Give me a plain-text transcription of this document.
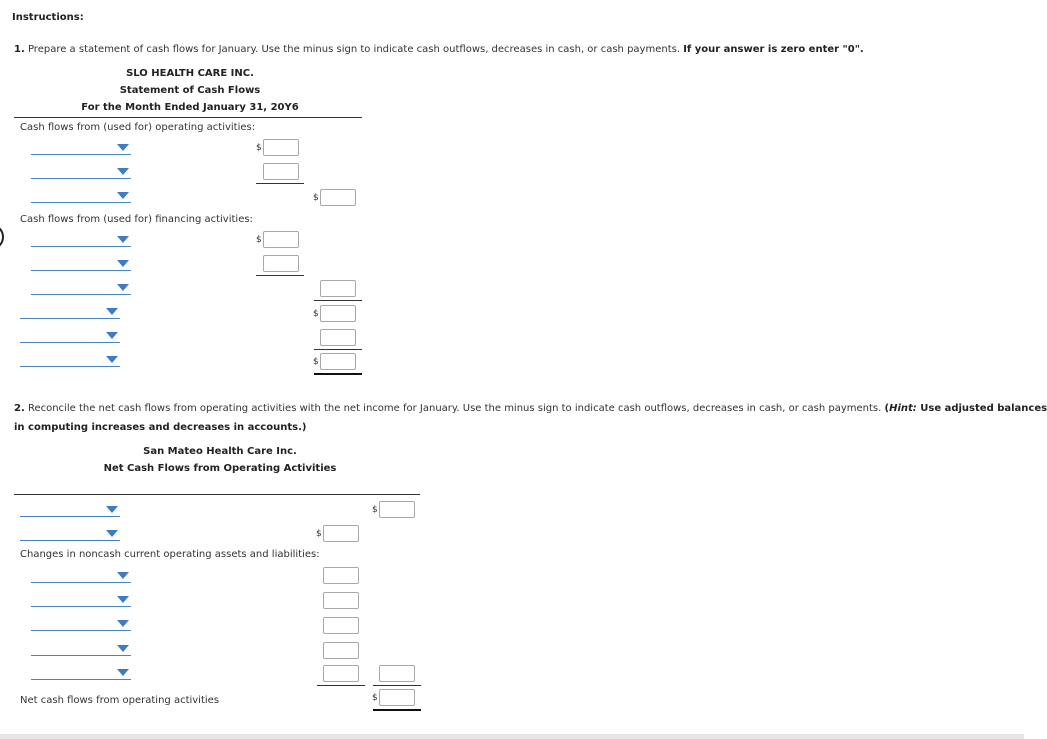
Instructions:
1. Prepare a statement of cash flows for January. Use the minus sign to indicate cash outflows, decreases in cash, or cash payments. If your answer is zero enter "0".
SLO HEALTH CARE INC.
Statement of Cash Flows
For the Month Ended January 31, 20Y6
Cash flows from (used for) operating activities:
$
$
Cash flows from (used for) financing activities:
$
$
$
2. Reconcile the net cash flows from operating activities with the net income for January. Use the minus sign to indicate cash outflows, decreases in cash, or cash payments. (Hint: Use adjusted balances
in computing increases and decreases in accounts.)
San Mateo Health Care Inc.
Net Cash Flows from Operating Activities
$
$
Changes in noncash current operating assets and liabilities:
Net cash flows from operating activities	$
